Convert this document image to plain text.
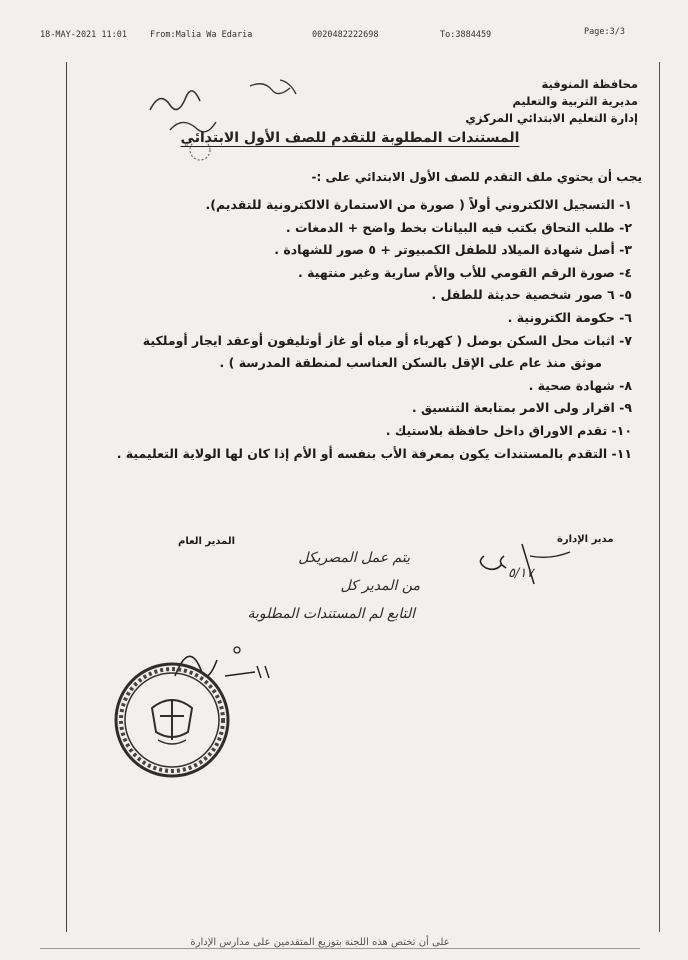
18-MAY-2021 11:01	From:Malia Wa Edaria	0020482222698	To:3884459	Page:3/3
محافظة المنوفية
مديرية التربية والتعليم
إدارة التعليم الابتدائي المركزي
المستندات المطلوبة للتقدم للصف الأول الابتدائي
يجب أن يحتوي ملف التقدم للصف الأول الابتدائي على :-
١- التسجيل الالكتروني أولاً ( صورة من الاستمارة الالكترونية للتقديم).
٢- طلب التحاق بكتب فيه البيانات بخط واضح + الدمغات .
٣- أصل شهادة الميلاد للطفل الكمبيوتر + ٥ صور للشهادة .
٤- صورة الرقم القومي للأب والأم سارية وغير منتهية .
٥- ٦ صور شخصية حديثة للطفل .
٦- حكومة الكترونية .
٧- اثبات محل السكن بوصل ( كهرباء أو مياه أو غاز أوتليفون أوعقد ايجار أوملكية
موثق منذ عام على الإقل بالسكن العناسب لمنطقة المدرسة ) .
٨- شهادة صحية .
٩- اقرار ولى الامر بمتابعة التنسيق .
١٠- تقدم الاوراق داخل حافظة بلاستيك .
١١- التقدم بالمستندات يكون بمعرفة الأب بنفسه أو الأم إذا كان لها الولاية التعليمية .
مدير الإدارة
المدير العام
٥/١٧
يتم عمل المصريكل
من المدير كل
التابع لم المستندات المطلوبة
على أن تختص هذه اللجنة بتوزيع المتقدمين على مدارس الإدارة
